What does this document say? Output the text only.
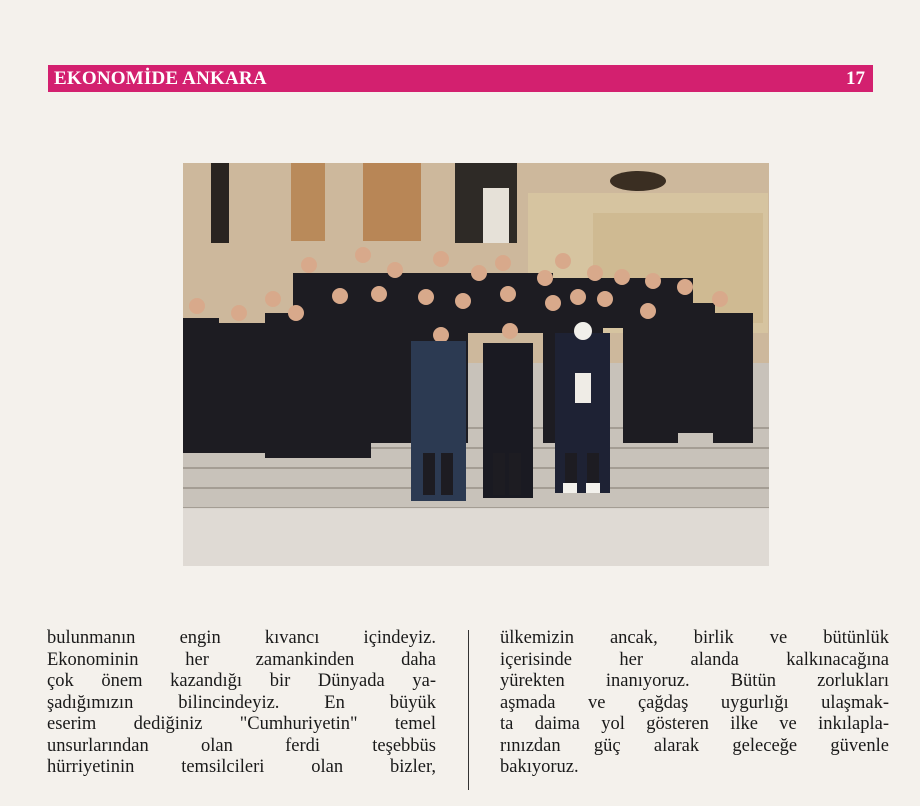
EKONOMİDE ANKARA	17
bulunmanın engin kıvancı içindeyiz.
Ekonominin her zamankinden daha
çok önem kazandığı bir Dünyada ya-
şadığımızın bilincindeyiz. En büyük
eserim dediğiniz "Cumhuriyetin" temel
unsurlarından olan ferdi teşebbüs
hürriyetinin temsilcileri olan bizler,
ülkemizin ancak, birlik ve bütünlük
içerisinde her alanda kalkınacağına
yürekten inanıyoruz. Bütün zorlukları
aşmada ve çağdaş uygurlığı ulaşmak-
ta daima yol gösteren ilke ve inkılapla-
rınızdan güç alarak geleceğe güvenle
bakıyoruz.
